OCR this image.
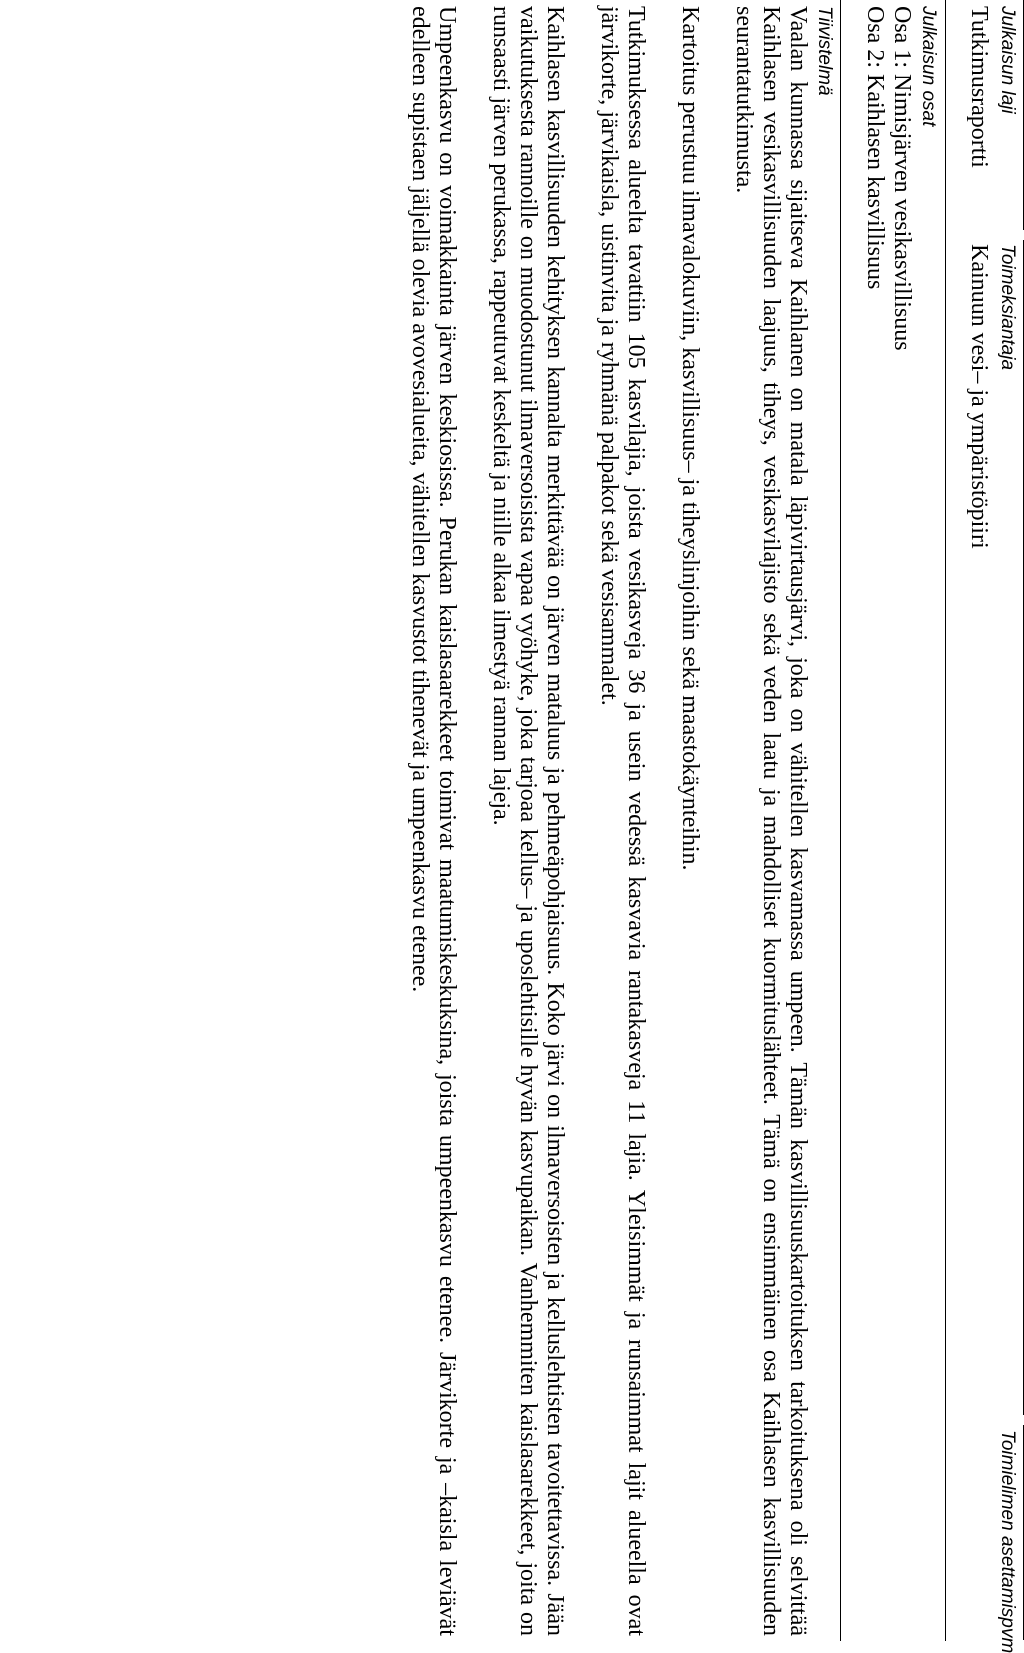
Julkaisun laji
Tutkimusraportti
Toimeksiantaja
Kainuun vesi– ja ympäristöpiiri
Toimielimen asettamispvm
Julkaisun osat
Osa 1: Nimisjärven vesikasvillisuus
Osa 2: Kaihlasen kasvillisuus
Tiivistelmä
Vaalan kunnassa sijaitseva Kaihlanen on matala läpivirtausjärvi, joka on vähitellen kasvamassa umpeen. Tämän kasvillisuuskartoituksen tarkoituksena oli selvittää Kaihlasen vesikasvillisuuden laajuus, tiheys, vesikasvilajisto sekä veden laatu ja mahdolliset kuormituslähteet. Tämä on ensimmäinen osa Kaihlasen kasvillisuuden seurantatutkimusta.
Kartoitus perustuu ilmavalokuviin, kasvillisuus– ja tiheyslinjoihin sekä maastokäynteihin.
Tutkimuksessa alueelta tavattiin 105 kasvilajia, joista vesikasveja 36 ja usein vedessä kasvavia rantakasveja 11 lajia. Yleisimmät ja runsaimmat lajit alueella ovat järvikorte, järvikaisla, uistinvita ja ryhmänä palpakot sekä vesisammalet.
Kaihlasen kasvillisuuden kehityksen kannalta merkittävää on järven mataluus ja pehmeäpohjaisuus. Koko järvi on ilmaversoisten ja kelluslehtisten tavoitettavissa. Jään vaikutuksesta rannoille on muodostunut ilmaversoisista vapaa vyöhyke, joka tarjoaa kellus– ja uposlehtisille hyvän kasvupaikan. Vanhemmiten kaislasarekkeet, joita on runsaasti järven perukassa, rappeutuvat keskeltä ja niille alkaa ilmestyä rannan lajeja.
Umpeenkasvu on voimakkainta järven keskiosissa. Perukan kaislasaarekkeet toimivat maatumiskeskuksina, joista umpeenkasvu etenee. Järvikorte ja –kaisla leviävät edelleen supistaen jäljellä olevia avovesialueita, vähitellen kasvustot tihenevät ja umpeenkasvu etenee.
